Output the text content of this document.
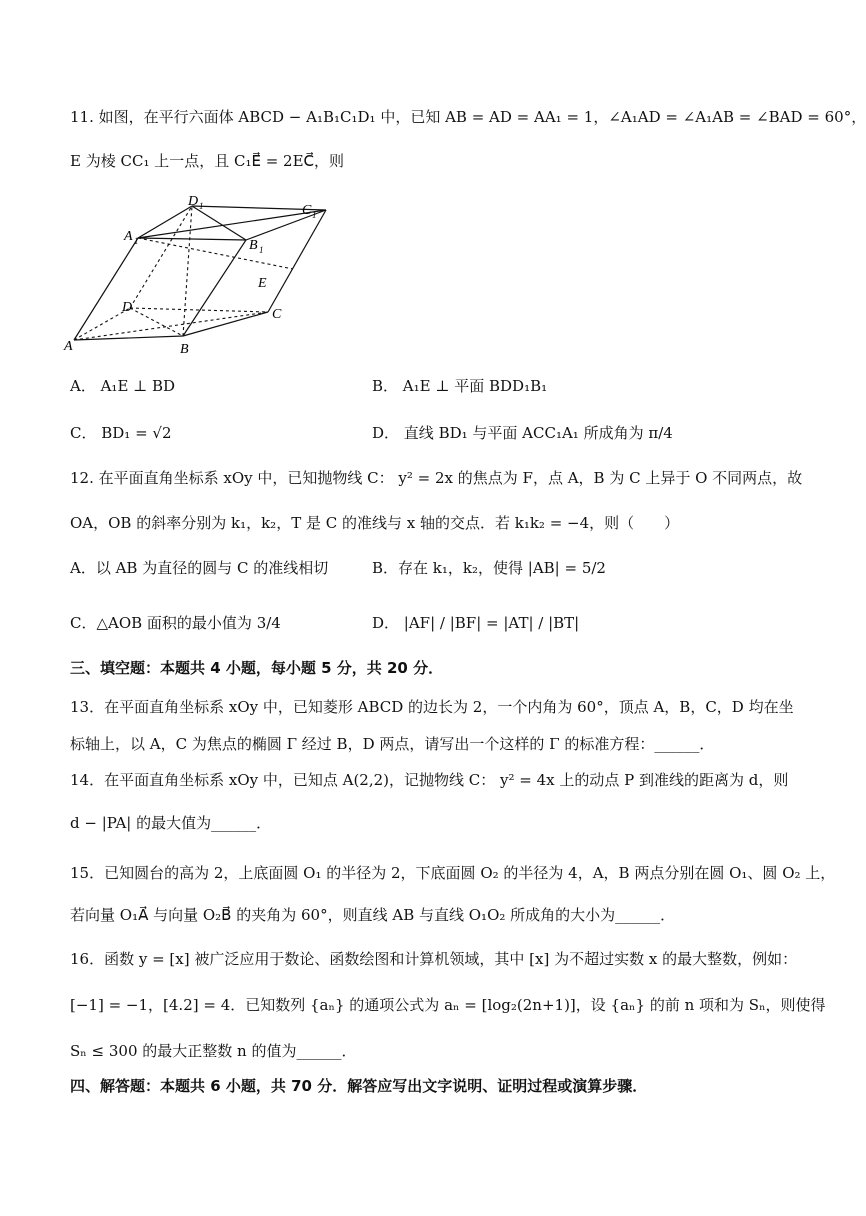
11. 如图，在平行六面体 ABCD − A₁B₁C₁D₁ 中，已知 AB = AD = AA₁ = 1，∠A₁AD = ∠A₁AB = ∠BAD = 60°，
E 为棱 CC₁ 上一点，且 C₁E⃗ = 2EC⃗，则
A	B
C
D
A 1	B 1
C 1
D 1
E
A． A₁E ⊥ BD	B． A₁E ⊥ 平面 BDD₁B₁
C． BD₁ = √2	D． 直线 BD₁ 与平面 ACC₁A₁ 所成角为 π/4
12. 在平面直角坐标系 xOy 中，已知抛物线 C： y² = 2x 的焦点为 F，点 A，B 为 C 上异于 O 不同两点，故
OA，OB 的斜率分别为 k₁，k₂，T 是 C 的准线与 x 轴的交点．若 k₁k₂ = −4，则（　　）
A．以 AB 为直径的圆与 C 的准线相切	B．存在 k₁，k₂，使得 |AB| = 5/2
C．△AOB 面积的最小值为 3/4	D． |AF| / |BF| = |AT| / |BT|
三、填空题：本题共 4 小题，每小题 5 分，共 20 分．
13．在平面直角坐标系 xOy 中，已知菱形 ABCD 的边长为 2，一个内角为 60°，顶点 A，B，C，D 均在坐
标轴上，以 A，C 为焦点的椭圆 Γ 经过 B，D 两点，请写出一个这样的 Γ 的标准方程：______．
14．在平面直角坐标系 xOy 中，已知点 A(2,2)，记抛物线 C： y² = 4x 上的动点 P 到准线的距离为 d，则
d − |PA| 的最大值为______．
15．已知圆台的高为 2，上底面圆 O₁ 的半径为 2，下底面圆 O₂ 的半径为 4，A，B 两点分别在圆 O₁、圆 O₂ 上，
若向量 O₁A⃗ 与向量 O₂B⃗ 的夹角为 60°，则直线 AB 与直线 O₁O₂ 所成角的大小为______．
16．函数 y = [x] 被广泛应用于数论、函数绘图和计算机领域，其中 [x] 为不超过实数 x 的最大整数，例如：
[−1] = −1，[4.2] = 4．已知数列 {aₙ} 的通项公式为 aₙ = [log₂(2n+1)]，设 {aₙ} 的前 n 项和为 Sₙ，则使得
Sₙ ≤ 300 的最大正整数 n 的值为______．
四、解答题：本题共 6 小题，共 70 分．解答应写出文字说明、证明过程或演算步骤．
